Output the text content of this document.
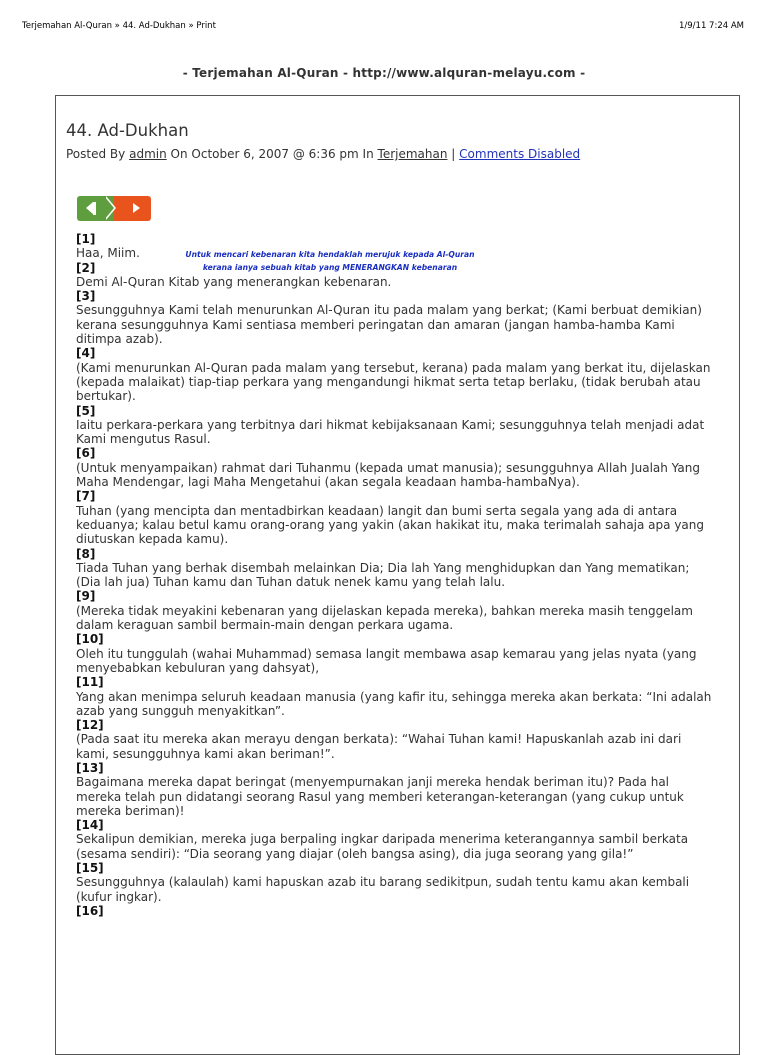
Terjemahan Al-Quran » 44. Ad-Dukhan » Print	1/9/11 7:24 AM
- Terjemahan Al-Quran - http://www.alquran-melayu.com -
44. Ad-Dukhan
Posted By admin On October 6, 2007 @ 6:36 pm In Terjemahan | Comments Disabled
Untuk mencari kebenaran kita hendaklah merujuk kepada Al-Quran
kerana ianya sebuah kitab yang MENERANGKAN kebenaran
[1]
Haa, Miim.
[2]
Demi Al-Quran Kitab yang menerangkan kebenaran.
[3]
Sesungguhnya Kami telah menurunkan Al-Quran itu pada malam yang berkat; (Kami berbuat demikian) kerana sesungguhnya Kami sentiasa memberi peringatan dan amaran (jangan hamba-hamba Kami ditimpa azab).
[4]
(Kami menurunkan Al-Quran pada malam yang tersebut, kerana) pada malam yang berkat itu, dijelaskan (kepada malaikat) tiap-tiap perkara yang mengandungi hikmat serta tetap berlaku, (tidak berubah atau bertukar).
[5]
Iaitu perkara-perkara yang terbitnya dari hikmat kebijaksanaan Kami; sesungguhnya telah menjadi adat Kami mengutus Rasul.
[6]
(Untuk menyampaikan) rahmat dari Tuhanmu (kepada umat manusia); sesungguhnya Allah Jualah Yang Maha Mendengar, lagi Maha Mengetahui (akan segala keadaan hamba-hambaNya).
[7]
Tuhan (yang mencipta dan mentadbirkan keadaan) langit dan bumi serta segala yang ada di antara keduanya; kalau betul kamu orang-orang yang yakin (akan hakikat itu, maka terimalah sahaja apa yang diutuskan kepada kamu).
[8]
Tiada Tuhan yang berhak disembah melainkan Dia; Dia lah Yang menghidupkan dan Yang mematikan; (Dia lah jua) Tuhan kamu dan Tuhan datuk nenek kamu yang telah lalu.
[9]
(Mereka tidak meyakini kebenaran yang dijelaskan kepada mereka), bahkan mereka masih tenggelam dalam keraguan sambil bermain-main dengan perkara ugama.
[10]
Oleh itu tunggulah (wahai Muhammad) semasa langit membawa asap kemarau yang jelas nyata (yang menyebabkan kebuluran yang dahsyat),
[11]
Yang akan menimpa seluruh keadaan manusia (yang kafir itu, sehingga mereka akan berkata: “Ini adalah azab yang sungguh menyakitkan”.
[12]
(Pada saat itu mereka akan merayu dengan berkata): “Wahai Tuhan kami! Hapuskanlah azab ini dari kami, sesungguhnya kami akan beriman!”.
[13]
Bagaimana mereka dapat beringat (menyempurnakan janji mereka hendak beriman itu)? Pada hal mereka telah pun didatangi seorang Rasul yang memberi keterangan-keterangan (yang cukup untuk mereka beriman)!
[14]
Sekalipun demikian, mereka juga berpaling ingkar daripada menerima keterangannya sambil berkata (sesama sendiri): “Dia seorang yang diajar (oleh bangsa asing), dia juga seorang yang gila!”
[15]
Sesungguhnya (kalaulah) kami hapuskan azab itu barang sedikitpun, sudah tentu kamu akan kembali (kufur ingkar).
[16]
